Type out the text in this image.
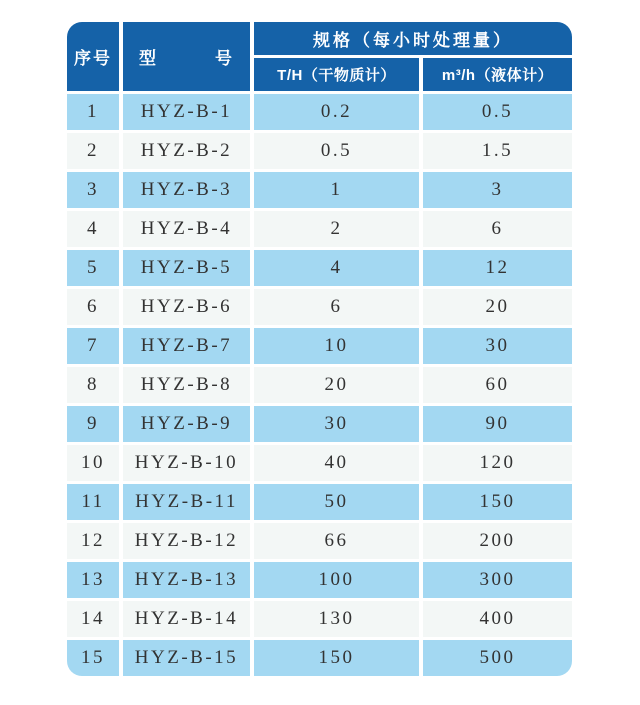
序号	型　　　号	规格（每小时处理量）	
		T/H（干物质计）	m³/h（液体计）
1	HYZ-B-1	0.2	0.5
2	HYZ-B-2	0.5	1.5
3	HYZ-B-3	1	3
4	HYZ-B-4	2	6
5	HYZ-B-5	4	12
6	HYZ-B-6	6	20
7	HYZ-B-7	10	30
8	HYZ-B-8	20	60
9	HYZ-B-9	30	90
10	HYZ-B-10	40	120
11	HYZ-B-11	50	150
12	HYZ-B-12	66	200
13	HYZ-B-13	100	300
14	HYZ-B-14	130	400
15	HYZ-B-15	150	500
